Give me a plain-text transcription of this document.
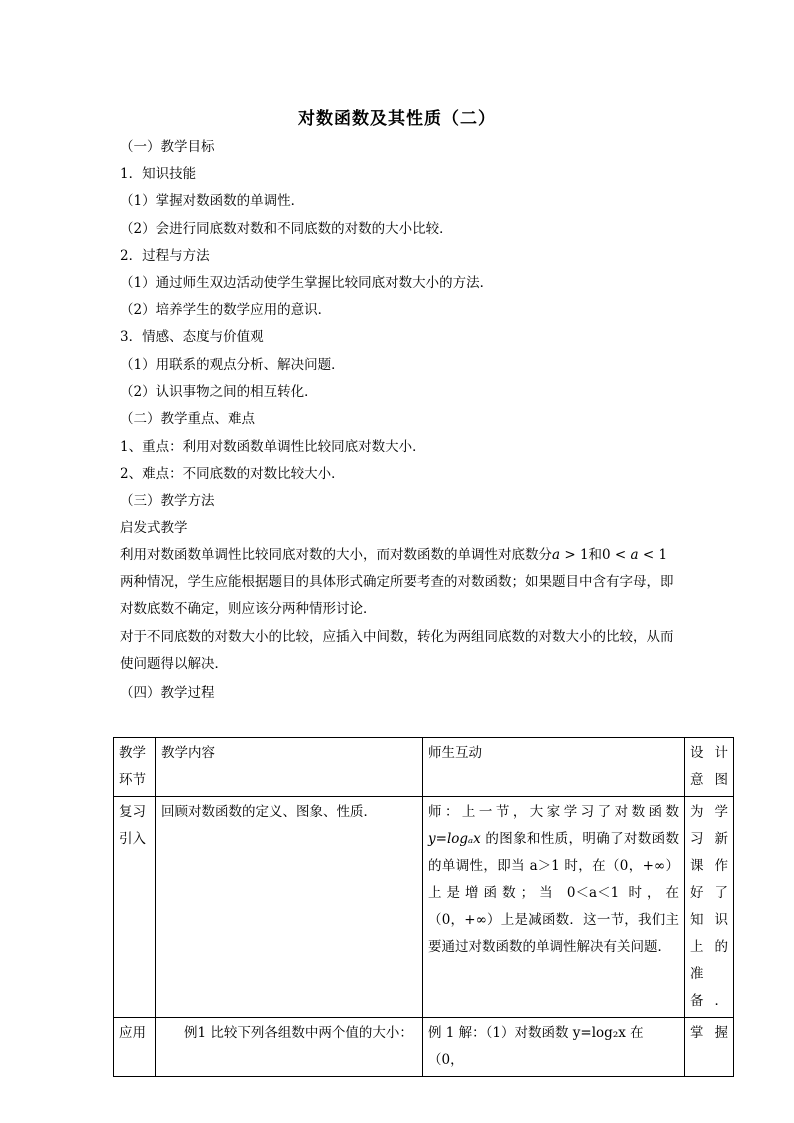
对数函数及其性质（二）
（一）教学目标
1．知识技能
（1）掌握对数函数的单调性．
（2）会进行同底数对数和不同底数的对数的大小比较．
2．过程与方法
（1）通过师生双边活动使学生掌握比较同底对数大小的方法．
（2）培养学生的数学应用的意识．
3．情感、态度与价值观
（1）用联系的观点分析、解决问题．
（2）认识事物之间的相互转化．
（二）教学重点、难点
1、重点：利用对数函数单调性比较同底对数大小．
2、难点：不同底数的对数比较大小．
（三）教学方法
启发式教学
利用对数函数单调性比较同底对数的大小，而对数函数的单调性对底数分a > 1和0 < a < 1两种情况，学生应能根据题目的具体形式确定所要考查的对数函数；如果题目中含有字母，即对数底数不确定，则应该分两种情形讨论．
对于不同底数的对数大小的比较，应插入中间数，转化为两组同底数的对数大小的比较，从而使问题得以解决．
（四）教学过程
教学环节	教学内容	师生互动	设计意图
复习引入	回顾对数函数的定义、图象、性质．	师：上一节，大家学习了对数函数 y=logₐx 的图象和性质，明确了对数函数的单调性，即当 a＞1 时，在（0，+∞）上是增函数；当 0＜a＜1 时，在（0，+∞）上是减函数．这一节，我们主要通过对数函数的单调性解决有关问题．	为学习新课作好了知识上的准备．
应用	例1 比较下列各组数中两个值的大小：	例 1 解：（1）对数函数 y=log₂x 在（0，	掌握
